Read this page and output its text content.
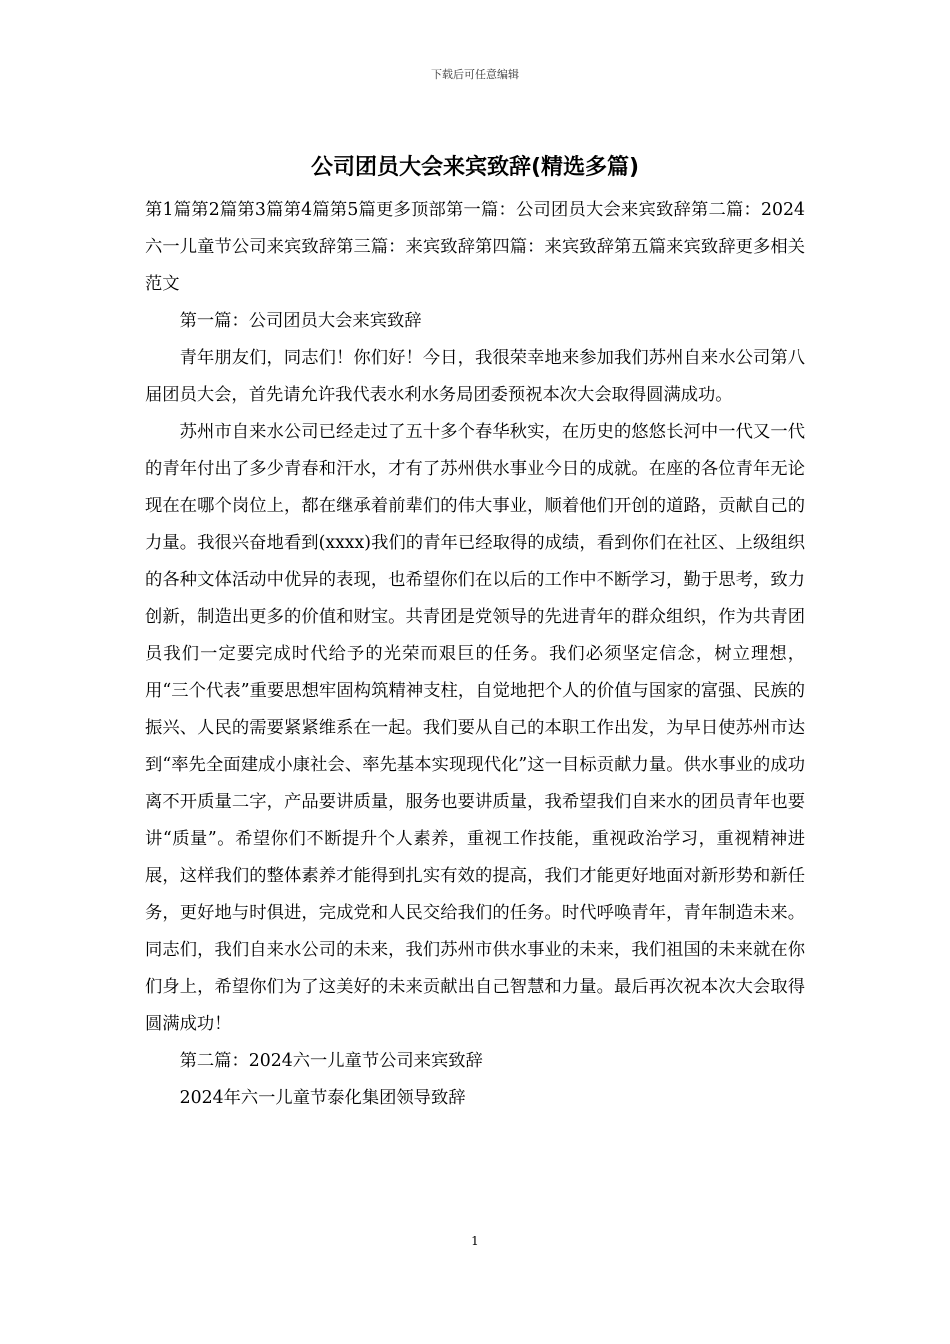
下载后可任意编辑
公司团员大会来宾致辞(精选多篇)

第1篇第2篇第3篇第4篇第5篇更多顶部第一篇：公司团员大会来宾致辞第二篇：2024六一儿童节公司来宾致辞第三篇：来宾致辞第四篇：来宾致辞第五篇来宾致辞更多相关范文

第一篇：公司团员大会来宾致辞

青年朋友们，同志们！你们好！今日，我很荣幸地来参加我们苏州自来水公司第八届团员大会，首先请允许我代表水利水务局团委预祝本次大会取得圆满成功。

苏州市自来水公司已经走过了五十多个春华秋实，在历史的悠悠长河中一代又一代的青年付出了多少青春和汗水，才有了苏州供水事业今日的成就。在座的各位青年无论现在在哪个岗位上，都在继承着前辈们的伟大事业，顺着他们开创的道路，贡献自己的力量。我很兴奋地看到(xxxx)我们的青年已经取得的成绩，看到你们在社区、上级组织的各种文体活动中优异的表现，也希望你们在以后的工作中不断学习，勤于思考，致力创新，制造出更多的价值和财宝。共青团是党领导的先进青年的群众组织，作为共青团员我们一定要完成时代给予的光荣而艰巨的任务。我们必须坚定信念，树立理想，用“三个代表”重要思想牢固构筑精神支柱，自觉地把个人的价值与国家的富强、民族的振兴、人民的需要紧紧维系在一起。我们要从自己的本职工作出发，为早日使苏州市达到“率先全面建成小康社会、率先基本实现现代化”这一目标贡献力量。供水事业的成功离不开质量二字，产品要讲质量，服务也要讲质量，我希望我们自来水的团员青年也要讲“质量”。希望你们不断提升个人素养，重视工作技能，重视政治学习，重视精神进展，这样我们的整体素养才能得到扎实有效的提高，我们才能更好地面对新形势和新任务，更好地与时俱进，完成党和人民交给我们的任务。时代呼唤青年，青年制造未来。同志们，我们自来水公司的未来，我们苏州市供水事业的未来，我们祖国的未来就在你们身上，希望你们为了这美好的未来贡献出自己智慧和力量。最后再次祝本次大会取得圆满成功！

第二篇：2024六一儿童节公司来宾致辞

2024年六一儿童节泰化集团领导致辞

1
